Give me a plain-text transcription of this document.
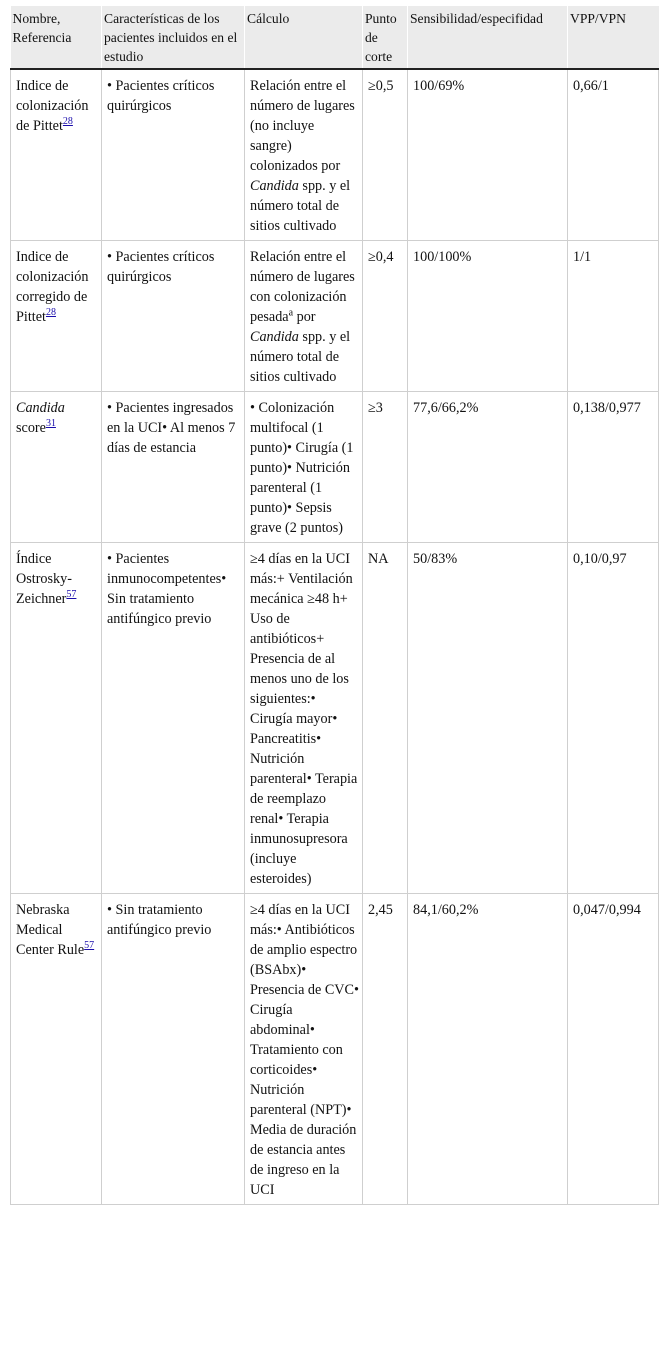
Nombre, Referencia	Características de los pacientes incluidos en el estudio	Cálculo	Punto de corte	Sensibilidad/especifidad	VPP/VPN
Indice de colonización de Pittet$^{28}$	• Pacientes críticos quirúrgicos	Relación entre el número de lugares (no incluye sangre) colonizados por Candida spp. y el número total de sitios cultivado	≥0,5	100/69%	0,66/1
Indice de colonización corregido de Pittet$^{28}$	• Pacientes críticos quirúrgicos	Relación entre el número de lugares con colonización pesada$^a$ por Candida spp. y el número total de sitios cultivado	≥0,4	100/100%	1/1
Candida score$^{31}$	• Pacientes ingresados en la UCI• Al menos 7 días de estancia	• Colonización multifocal (1 punto)• Cirugía (1 punto)• Nutrición parenteral (1 punto)• Sepsis grave (2 puntos)	≥3	77,6/66,2%	0,138/0,977
Índice Ostrosky-Zeichner$^{57}$	• Pacientes inmunocompetentes• Sin tratamiento antifúngico previo	≥4 días en la UCI más:+ Ventilación mecánica ≥48 h+ Uso de antibióticos+ Presencia de al menos uno de los siguientes:• Cirugía mayor• Pancreatitis• Nutrición parenteral• Terapia de reemplazo renal• Terapia inmunosupresora (incluye esteroides)	NA	50/83%	0,10/0,97
Nebraska Medical Center Rule$^{57}$	• Sin tratamiento antifúngico previo	≥4 días en la UCI más:• Antibióticos de amplio espectro (BSAbx)• Presencia de CVC• Cirugía abdominal• Tratamiento con corticoides• Nutrición parenteral (NPT)• Media de duración de estancia antes de ingreso en la UCI	2,45	84,1/60,2%	0,047/0,994
